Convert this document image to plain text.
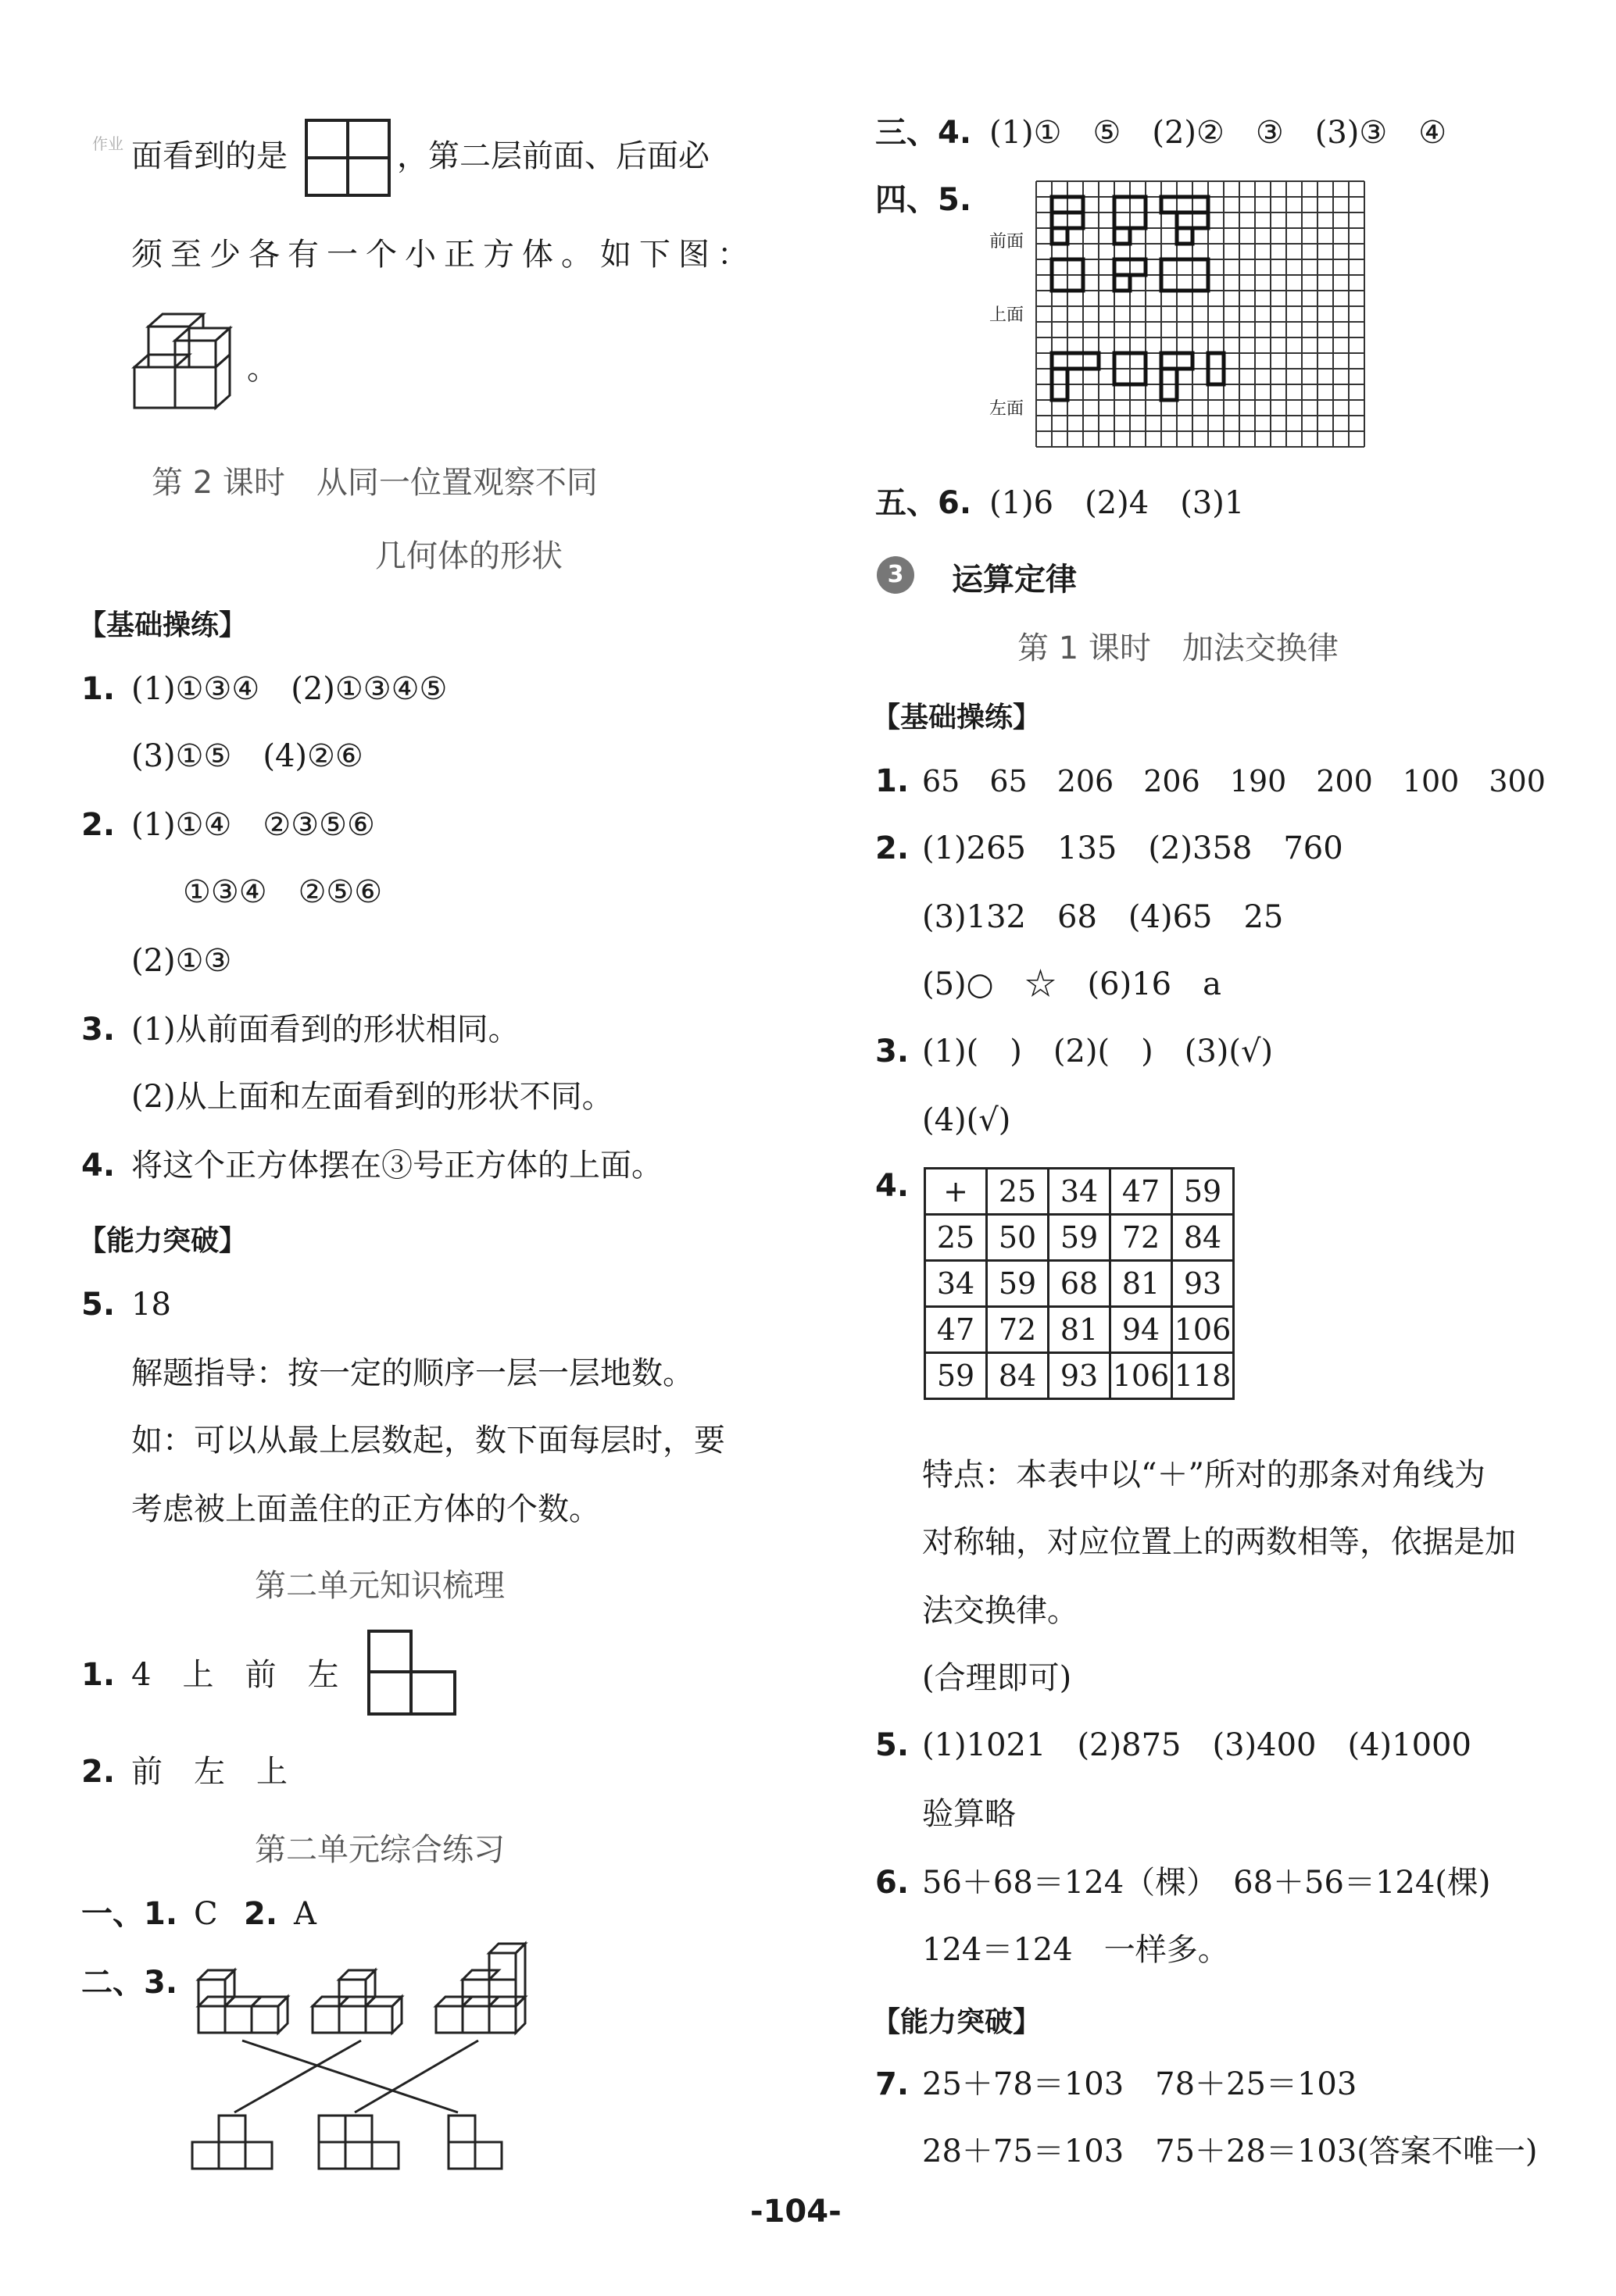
作业 面看到的是	，第二层前面、后面必
须至少各有一个小正方体。如下图：
。
第 2 课时　从同一位置观察不同
几何体的形状
【基础操练】
1. (1)①③④　(2)①③④⑤
(3)①⑤　(4)②⑥
2. (1)①④　②③⑤⑥
①③④　②⑤⑥
(2)①③
3. (1)从前面看到的形状相同。
(2)从上面和左面看到的形状不同。
4. 将这个正方体摆在③号正方体的上面。
【能力突破】
5. 18
解题指导：按一定的顺序一层一层地数。
如：可以从最上层数起，数下面每层时，要
考虑被上面盖住的正方体的个数。
第二单元知识梳理
1. 4　上　前　左
2. 前　左　上
第二单元综合练习
一、1. C 2. A
二、3.
三、4. (1)①　⑤　(2)②　③　(3)③　④
四、5.
前面
上面
左面
五、6. (1)6　(2)4　(3)1
3	运算定律
第 1 课时　加法交换律
【基础操练】
1. 65　65　206　206　190　200　100　300
2. (1)265　135　(2)358　760
(3)132　68　(4)65　25
(5)○　☆　(6)16　a
3. (1)(　)　(2)(　)　(3)(√)
(4)(√)
4. +	25	34	47	59
25	50	59	72	84
34	59	68	81	93
47	72	81	94	106
59	84	93	106	118
特点：本表中以“＋”所对的那条对角线为
对称轴，对应位置上的两数相等，依据是加
法交换律。
(合理即可)
5. (1)1021　(2)875　(3)400　(4)1000
验算略
6. 56＋68＝124（棵）　68＋56＝124(棵)
124＝124　一样多。
【能力突破】
7. 25＋78＝103　78＋25＝103
28＋75＝103　75＋28＝103(答案不唯一)
-104-
